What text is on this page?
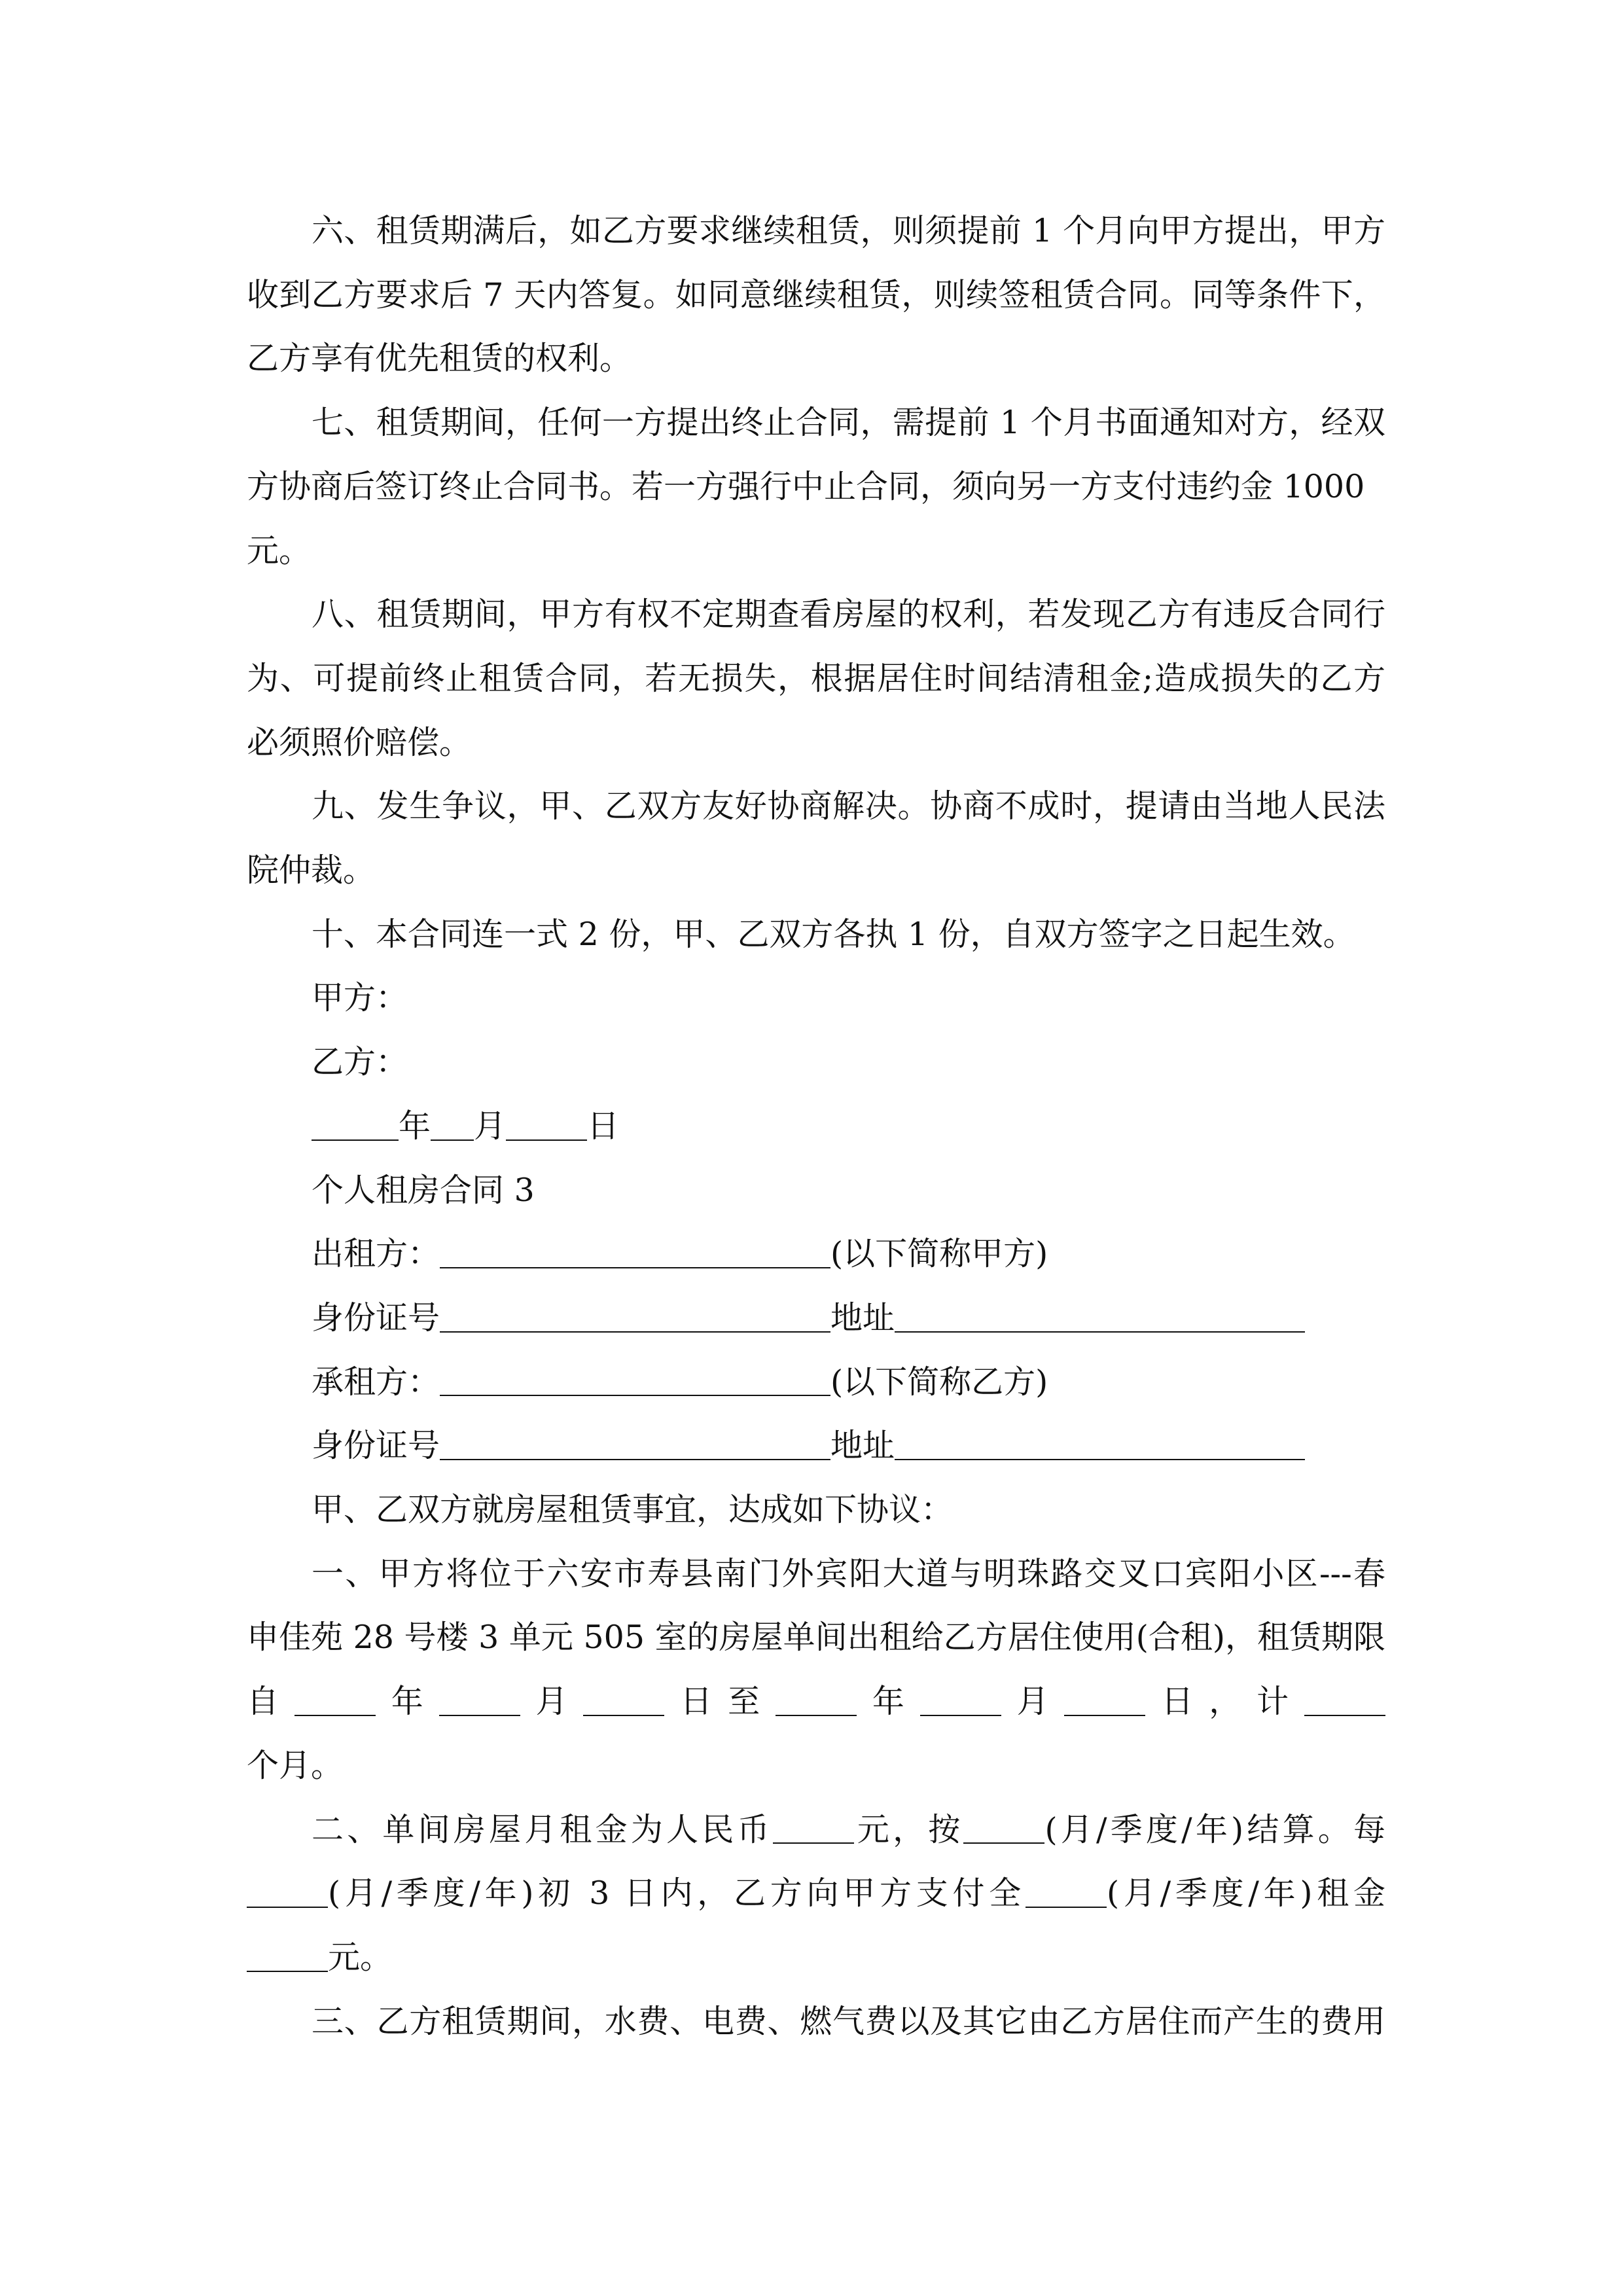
六、租赁期满后，如乙方要求继续租赁，则须提前 1 个月向甲方提出，甲方
收到乙方要求后 7 天内答复。如同意继续租赁，则续签租赁合同。同等条件下，
乙方享有优先租赁的权利。
七、租赁期间，任何一方提出终止合同，需提前 1 个月书面通知对方，经双
方协商后签订终止合同书。若一方强行中止合同，须向另一方支付违约金 1000
元。
八、租赁期间，甲方有权不定期查看房屋的权利，若发现乙方有违反合同行
为、可提前终止租赁合同，若无损失，根据居住时间结清租金;造成损失的乙方
必须照价赔偿。
九、发生争议，甲、乙双方友好协商解决。协商不成时，提请由当地人民法
院仲裁。
十、本合同连一式 2 份，甲、乙双方各执 1 份，自双方签字之日起生效。
甲方：
乙方：
年 月	日
个人租房合同 3
出租方：	(以下简称甲方)
身份证号	地址
承租方：	(以下简称乙方)
身份证号	地址
甲、乙双方就房屋租赁事宜，达成如下协议：
一、甲方将位于六安市寿县南门外宾阳大道与明珠路交叉口宾阳小区---春
申佳苑 28 号楼 3 单元 505 室的房屋单间出租给乙方居住使用(合租)，租赁期限
自	年	月	日至	年	月	日，计
个月。
二、单间房屋月租金为人民币	元，按	(月/季度/年)结算。每
(月/季度/年)初 3 日内，乙方向甲方支付全	(月/季度/年)租金
元。
三、乙方租赁期间，水费、电费、燃气费以及其它由乙方居住而产生的费用
